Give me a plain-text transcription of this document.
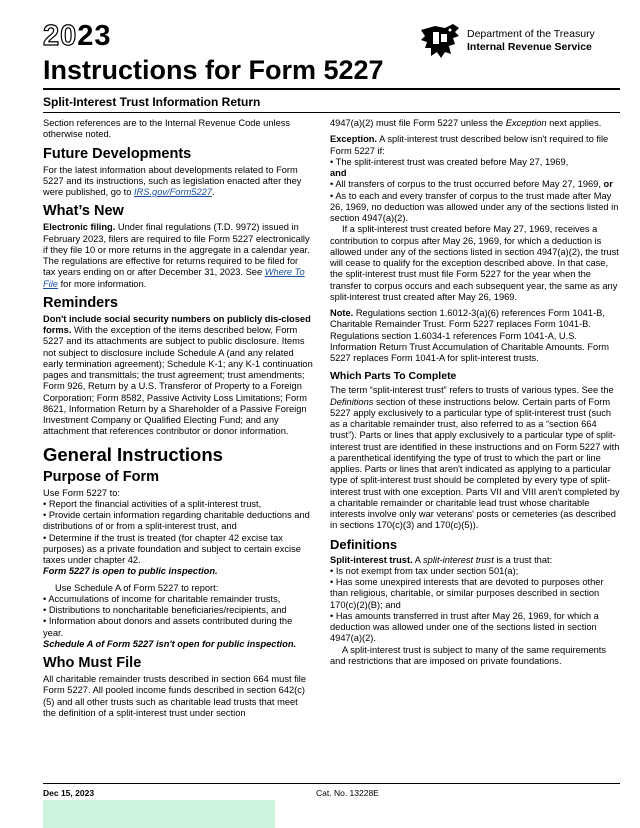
2023
Instructions for Form 5227
Department of the Treasury
Internal Revenue Service
Split-Interest Trust Information Return

Section references are to the Internal Revenue Code unless otherwise noted.

Future Developments

For the latest information about developments related to Form 5227 and its instructions, such as legislation enacted after they were published, go to IRS.gov/Form5227.

What’s New

Electronic filing. Under final regulations (T.D. 9972) issued in February 2023, filers are required to file Form 5227 electronically if they file 10 or more returns in the aggregate in a calendar year. The regulations are effective for returns required to be filed for tax years ending on or after December 31, 2023. See Where To File for more information.

Reminders

Don't include social security numbers on publicly dis-closed forms. With the exception of the items described below, Form 5227 and its attachments are subject to public disclosure. Items not subject to disclosure include Schedule A (and any related early termination agreement); Schedule K-1; any K-1 continuation pages and transmittals; the trust agreement; trust amendments; Form 926, Return by a U.S. Transferor of Property to a Foreign Corporation; Form 8582, Passive Activity Loss Limitations; Form 8621, Information Return by a Shareholder of a Passive Foreign Investment Company or Qualified Electing Fund; and any attachment that references contributor or donor information.

General Instructions
Purpose of Form

Use Form 5227 to:

• Report the financial activities of a split-interest trust,

• Provide certain information regarding charitable deductions and distributions of or from a split-interest trust, and

• Determine if the trust is treated (for chapter 42 excise tax purposes) as a private foundation and subject to certain excise taxes under chapter 42.

Form 5227 is open to public inspection.

Use Schedule A of Form 5227 to report:

• Accumulations of income for charitable remainder trusts,

• Distributions to noncharitable beneficiaries/recipients, and

• Information about donors and assets contributed during the year.

Schedule A of Form 5227 isn't open for public inspection.

Who Must File

All charitable remainder trusts described in section 664 must file Form 5227. All pooled income funds described in section 642(c)(5) and all other trusts such as charitable lead trusts that meet the definition of a split-interest trust under section

4947(a)(2) must file Form 5227 unless the Exception next applies.

Exception. A split-interest trust described below isn't required to file Form 5227 if:

• The split-interest trust was created before May 27, 1969,

and

• All transfers of corpus to the trust occurred before May 27, 1969, or

• As to each and every transfer of corpus to the trust made after May 26, 1969, no deduction was allowed under any of the sections listed in section 4947(a)(2).

If a split-interest trust created before May 27, 1969, receives a contribution to corpus after May 26, 1969, for which a deduction is allowed under any of the sections listed in section 4947(a)(2), the trust will cease to qualify for the exception described above. In that case, the split-interest trust must file Form 5227 for the year when the transfer to corpus occurs and each subsequent year, the same as any split-interest trust created after May 26, 1969.

Note. Regulations section 1.6012-3(a)(6) references Form 1041-B, Charitable Remainder Trust. Form 5227 replaces Form 1041-B. Regulations section 1.6034-1 references Form 1041-A, U.S. Information Return Trust Accumulation of Charitable Amounts. Form 5227 replaces Form 1041-A for split-interest trusts.

Which Parts To Complete

The term “split-interest trust” refers to trusts of various types. See the Definitions section of these instructions below. Certain parts of Form 5227 apply exclusively to a particular type of split-interest trust (such as a charitable remainder trust, also referred to as a “section 664 trust”). Parts or lines that apply exclusively to a particular type of split-interest trust are identified in these instructions and on Form 5227 with a parenthetical identifying the type of trust to which the part or line applies. Parts or lines that aren't indicated as applying to a particular type of split-interest trust should be completed by every type of split-interest trust with one exception. Parts VII and VIII aren't completed by a charitable remainder or charitable lead trust whose charitable interests involve only war veterans' posts or cemeteries (as described in sections 170(c)(3) and 170(c)(5)).

Definitions

Split-interest trust. A split-interest trust is a trust that:

• Is not exempt from tax under section 501(a);

• Has some unexpired interests that are devoted to purposes other than religious, charitable, or similar purposes described in section 170(c)(2)(B); and

• Has amounts transferred in trust after May 26, 1969, for which a deduction was allowed under one of the sections listed in section 4947(a)(2).

A split-interest trust is subject to many of the same requirements and restrictions that are imposed on private foundations.

Dec 15, 2023	Cat. No. 13228E
